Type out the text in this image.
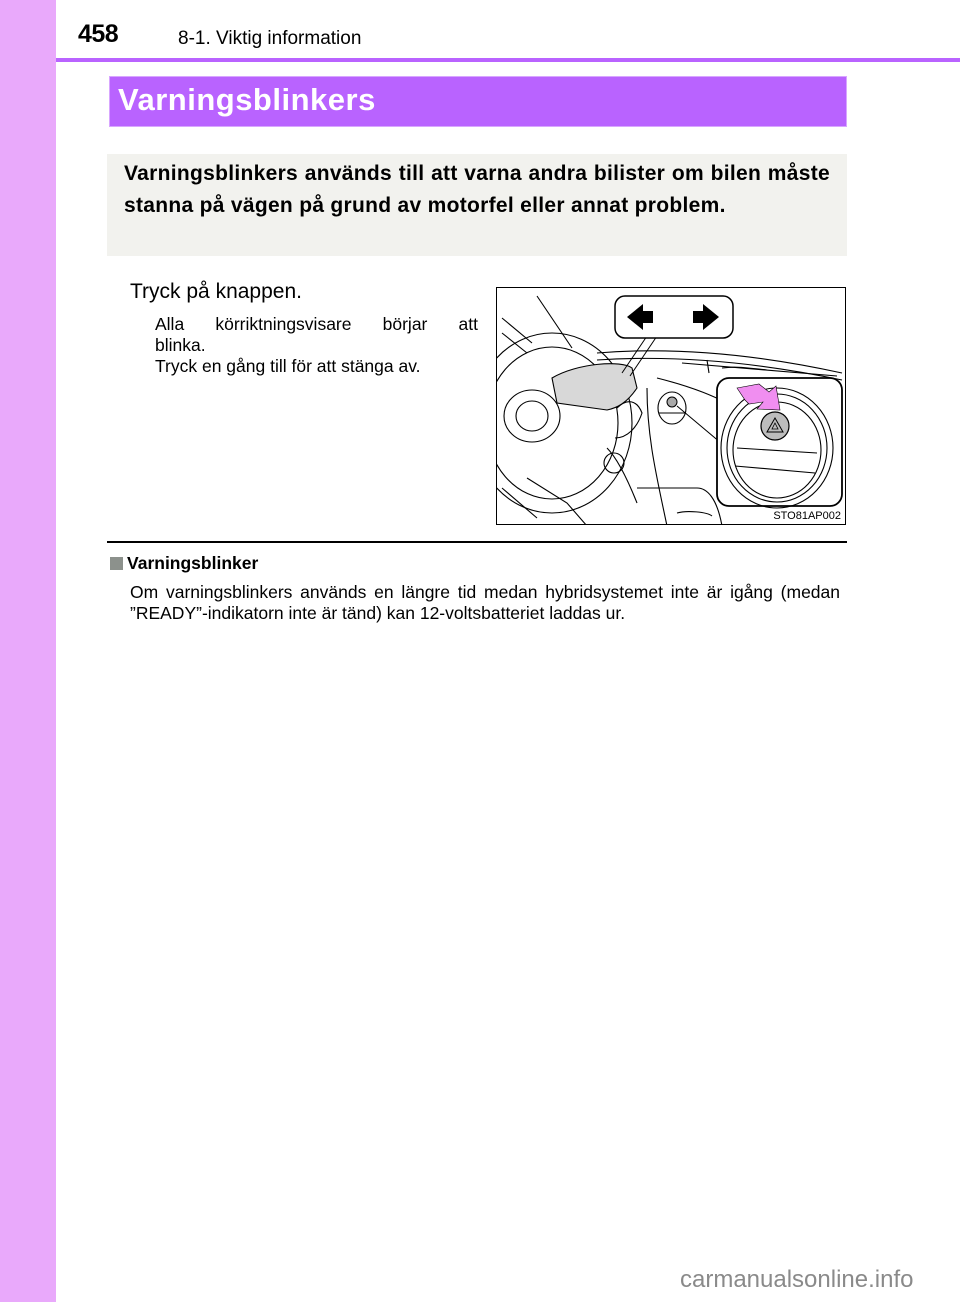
458	8-1. Viktig information
Varningsblinkers
Varningsblinkers används till att varna andra bilister om bilen måste stanna på vägen på grund av motorfel eller annat problem.
Tryck på knappen.
Alla körriktningsvisare börjar att
blinka.
Tryck en gång till för att stänga av.
STO81AP002
Varningsblinker
Om varningsblinkers används en längre tid medan hybridsystemet inte är igång (medan ”READY”-indikatorn inte är tänd) kan 12-voltsbatteriet laddas ur.
carmanualsonline.info
